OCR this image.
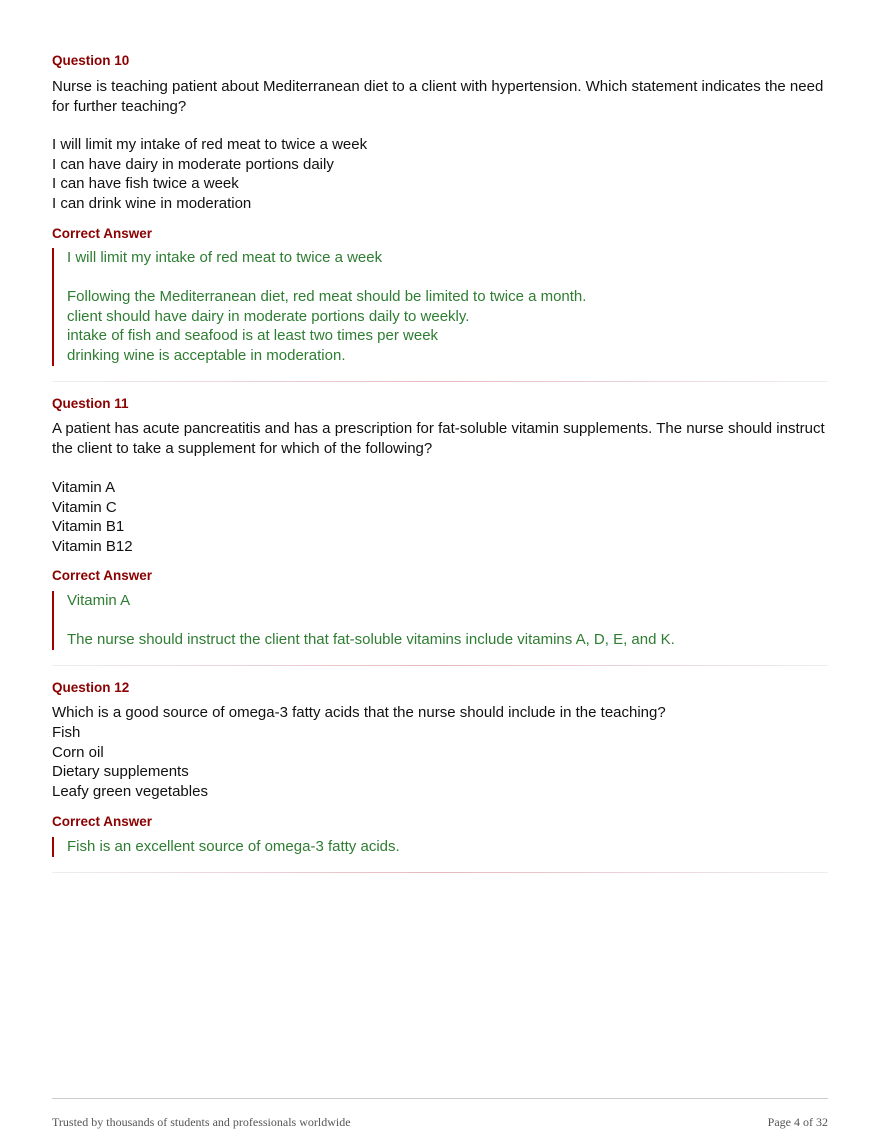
Question 10
Nurse is teaching patient about Mediterranean diet to a client with hypertension. Which statement indicates the need for further teaching?
I will limit my intake of red meat to twice a week
I can have dairy in moderate portions daily
I can have fish twice a week
I can drink wine in moderation
Correct Answer
I will limit my intake of red meat to twice a week
Following the Mediterranean diet, red meat should be limited to twice a month.
client should have dairy in moderate portions daily to weekly.
intake of fish and seafood is at least two times per week
drinking wine is acceptable in moderation.
Question 11
A patient has acute pancreatitis and has a prescription for fat-soluble vitamin supplements. The nurse should instruct the client to take a supplement for which of the following?
Vitamin A
Vitamin C
Vitamin B1
Vitamin B12
Correct Answer
Vitamin A
The nurse should instruct the client that fat-soluble vitamins include vitamins A, D, E, and K.
Question 12
Which is a good source of omega-3 fatty acids that the nurse should include in the teaching?
Fish
Corn oil
Dietary supplements
Leafy green vegetables
Correct Answer
Fish is an excellent source of omega-3 fatty acids.
Trusted by thousands of students and professionals worldwide	Page 4 of 32
